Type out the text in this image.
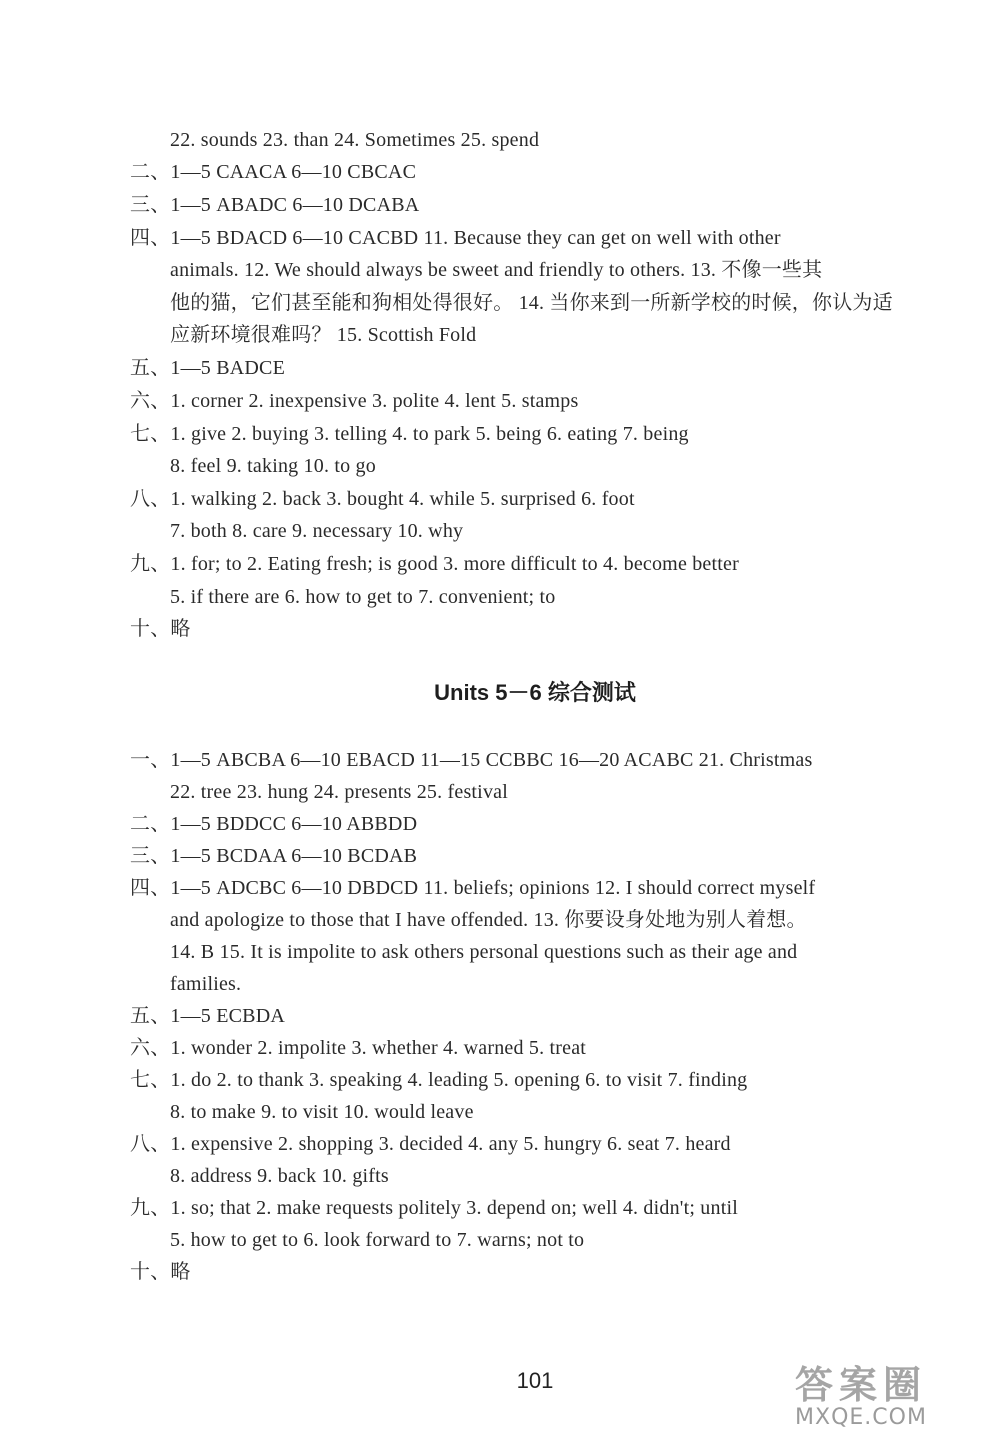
22. sounds 23. than 24. Sometimes 25. spend
二、1—5 CAACA 6—10 CBCAC
三、1—5 ABADC 6—10 DCABA
四、1—5 BDACD 6—10 CACBD 11. Because they can get on well with other
animals. 12. We should always be sweet and friendly to others. 13. 不像一些其
他的猫，它们甚至能和狗相处得很好。 14. 当你来到一所新学校的时候，你认为适
应新环境很难吗？ 15. Scottish Fold
五、1—5 BADCE
六、1. corner 2. inexpensive 3. polite 4. lent 5. stamps
七、1. give 2. buying 3. telling 4. to park 5. being 6. eating 7. being
8. feel 9. taking 10. to go
八、1. walking 2. back 3. bought 4. while 5. surprised 6. foot
7. both 8. care 9. necessary 10. why
九、1. for; to 2. Eating fresh; is good 3. more difficult to 4. become better
5. if there are 6. how to get to 7. convenient; to
十、略
Units 5－6 综合测试
一、1—5 ABCBA 6—10 EBACD 11—15 CCBBC 16—20 ACABC 21. Christmas
22. tree 23. hung 24. presents 25. festival
二、1—5 BDDCC 6—10 ABBDD
三、1—5 BCDAA 6—10 BCDAB
四、1—5 ADCBC 6—10 DBDCD 11. beliefs; opinions 12. I should correct myself
and apologize to those that I have offended. 13. 你要设身处地为别人着想。
14. B 15. It is impolite to ask others personal questions such as their age and
families.
五、1—5 ECBDA
六、1. wonder 2. impolite 3. whether 4. warned 5. treat
七、1. do 2. to thank 3. speaking 4. leading 5. opening 6. to visit 7. finding
8. to make 9. to visit 10. would leave
八、1. expensive 2. shopping 3. decided 4. any 5. hungry 6. seat 7. heard
8. address 9. back 10. gifts
九、1. so; that 2. make requests politely 3. depend on; well 4. didn't; until
5. how to get to 6. look forward to 7. warns; not to
十、略
101	答案圈
MXQE.COM
